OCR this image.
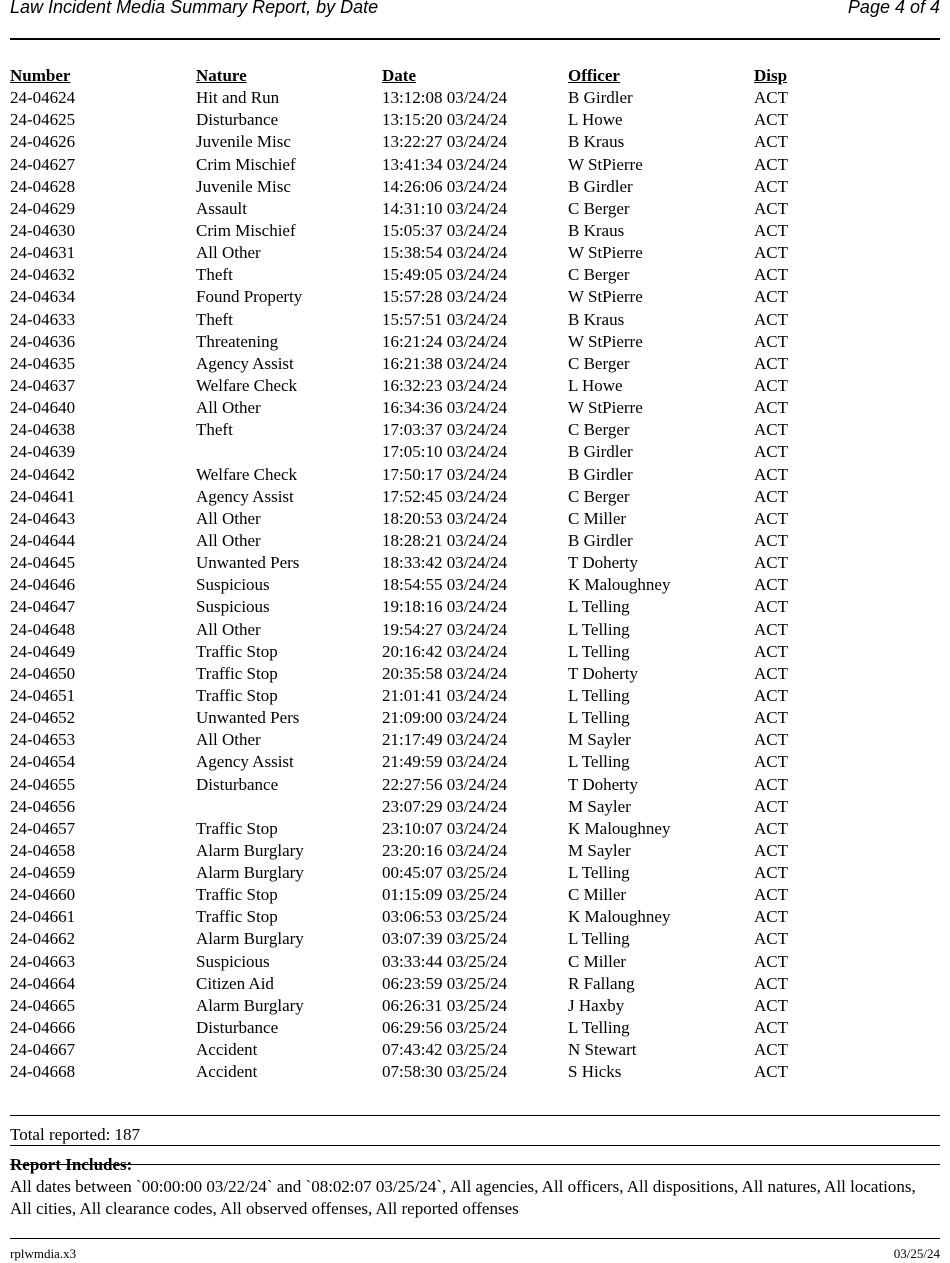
Law Incident Media Summary Report, by Date	Page 4 of 4
Number	Nature	Date	Officer	Disp
24-04624	Hit and Run	13:12:08 03/24/24	B Girdler	ACT
24-04625	Disturbance	13:15:20 03/24/24	L Howe	ACT
24-04626	Juvenile Misc	13:22:27 03/24/24	B Kraus	ACT
24-04627	Crim Mischief	13:41:34 03/24/24	W StPierre	ACT
24-04628	Juvenile Misc	14:26:06 03/24/24	B Girdler	ACT
24-04629	Assault	14:31:10 03/24/24	C Berger	ACT
24-04630	Crim Mischief	15:05:37 03/24/24	B Kraus	ACT
24-04631	All Other	15:38:54 03/24/24	W StPierre	ACT
24-04632	Theft	15:49:05 03/24/24	C Berger	ACT
24-04634	Found Property	15:57:28 03/24/24	W StPierre	ACT
24-04633	Theft	15:57:51 03/24/24	B Kraus	ACT
24-04636	Threatening	16:21:24 03/24/24	W StPierre	ACT
24-04635	Agency Assist	16:21:38 03/24/24	C Berger	ACT
24-04637	Welfare Check	16:32:23 03/24/24	L Howe	ACT
24-04640	All Other	16:34:36 03/24/24	W StPierre	ACT
24-04638	Theft	17:03:37 03/24/24	C Berger	ACT
24-04639		17:05:10 03/24/24	B Girdler	ACT
24-04642	Welfare Check	17:50:17 03/24/24	B Girdler	ACT
24-04641	Agency Assist	17:52:45 03/24/24	C Berger	ACT
24-04643	All Other	18:20:53 03/24/24	C Miller	ACT
24-04644	All Other	18:28:21 03/24/24	B Girdler	ACT
24-04645	Unwanted Pers	18:33:42 03/24/24	T Doherty	ACT
24-04646	Suspicious	18:54:55 03/24/24	K Maloughney	ACT
24-04647	Suspicious	19:18:16 03/24/24	L Telling	ACT
24-04648	All Other	19:54:27 03/24/24	L Telling	ACT
24-04649	Traffic Stop	20:16:42 03/24/24	L Telling	ACT
24-04650	Traffic Stop	20:35:58 03/24/24	T Doherty	ACT
24-04651	Traffic Stop	21:01:41 03/24/24	L Telling	ACT
24-04652	Unwanted Pers	21:09:00 03/24/24	L Telling	ACT
24-04653	All Other	21:17:49 03/24/24	M Sayler	ACT
24-04654	Agency Assist	21:49:59 03/24/24	L Telling	ACT
24-04655	Disturbance	22:27:56 03/24/24	T Doherty	ACT
24-04656		23:07:29 03/24/24	M Sayler	ACT
24-04657	Traffic Stop	23:10:07 03/24/24	K Maloughney	ACT
24-04658	Alarm Burglary	23:20:16 03/24/24	M Sayler	ACT
24-04659	Alarm Burglary	00:45:07 03/25/24	L Telling	ACT
24-04660	Traffic Stop	01:15:09 03/25/24	C Miller	ACT
24-04661	Traffic Stop	03:06:53 03/25/24	K Maloughney	ACT
24-04662	Alarm Burglary	03:07:39 03/25/24	L Telling	ACT
24-04663	Suspicious	03:33:44 03/25/24	C Miller	ACT
24-04664	Citizen Aid	06:23:59 03/25/24	R Fallang	ACT
24-04665	Alarm Burglary	06:26:31 03/25/24	J Haxby	ACT
24-04666	Disturbance	06:29:56 03/25/24	L Telling	ACT
24-04667	Accident	07:43:42 03/25/24	N Stewart	ACT
24-04668	Accident	07:58:30 03/25/24	S Hicks	ACT
Total reported: 187
Report Includes:
All dates between `00:00:00 03/22/24` and `08:02:07 03/25/24`, All agencies, All officers, All dispositions, All natures, All locations, All cities, All clearance codes, All observed offenses, All reported offenses
rplwmdia.x3	03/25/24
